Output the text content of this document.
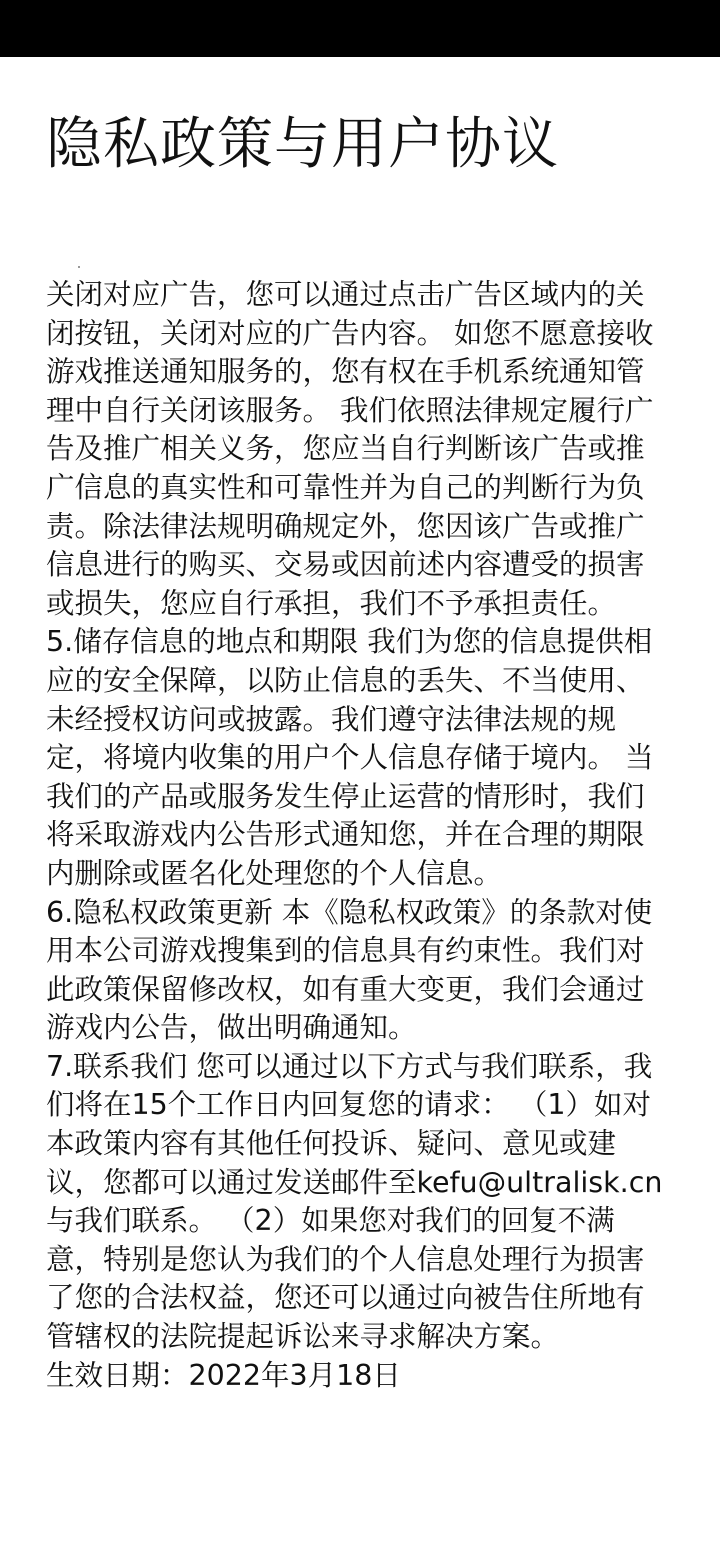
隐私政策与用户协议

关闭对应广告，您可以通过点击广告区域内的关闭按钮，关闭对应的广告内容。 如您不愿意接收游戏推送通知服务的，您有权在手机系统通知管理中自行关闭该服务。 我们依照法律规定履行广告及推广相关义务，您应当自行判断该广告或推广信息的真实性和可靠性并为自己的判断行为负责。除法律法规明确规定外，您因该广告或推广信息进行的购买、交易或因前述内容遭受的损害或损失，您应自行承担，我们不予承担责任。

5.储存信息的地点和期限 我们为您的信息提供相应的安全保障，以防止信息的丢失、不当使用、未经授权访问或披露。我们遵守法律法规的规定，将境内收集的用户个人信息存储于境内。 当我们的产品或服务发生停止运营的情形时，我们将采取游戏内公告形式通知您，并在合理的期限内删除或匿名化处理您的个人信息。

6.隐私权政策更新 本《隐私权政策》的条款对使用本公司游戏搜集到的信息具有约束性。我们对此政策保留修改权，如有重大变更，我们会通过游戏内公告，做出明确通知。

7.联系我们 您可以通过以下方式与我们联系，我们将在15个工作日内回复您的请求： （1）如对本政策内容有其他任何投诉、疑问、意见或建议，您都可以通过发送邮件至kefu@ultralisk.cn与我们联系。 （2）如果您对我们的回复不满意，特别是您认为我们的个人信息处理行为损害了您的合法权益，您还可以通过向被告住所地有管辖权的法院提起诉讼来寻求解决方案。

生效日期：2022年3月18日
